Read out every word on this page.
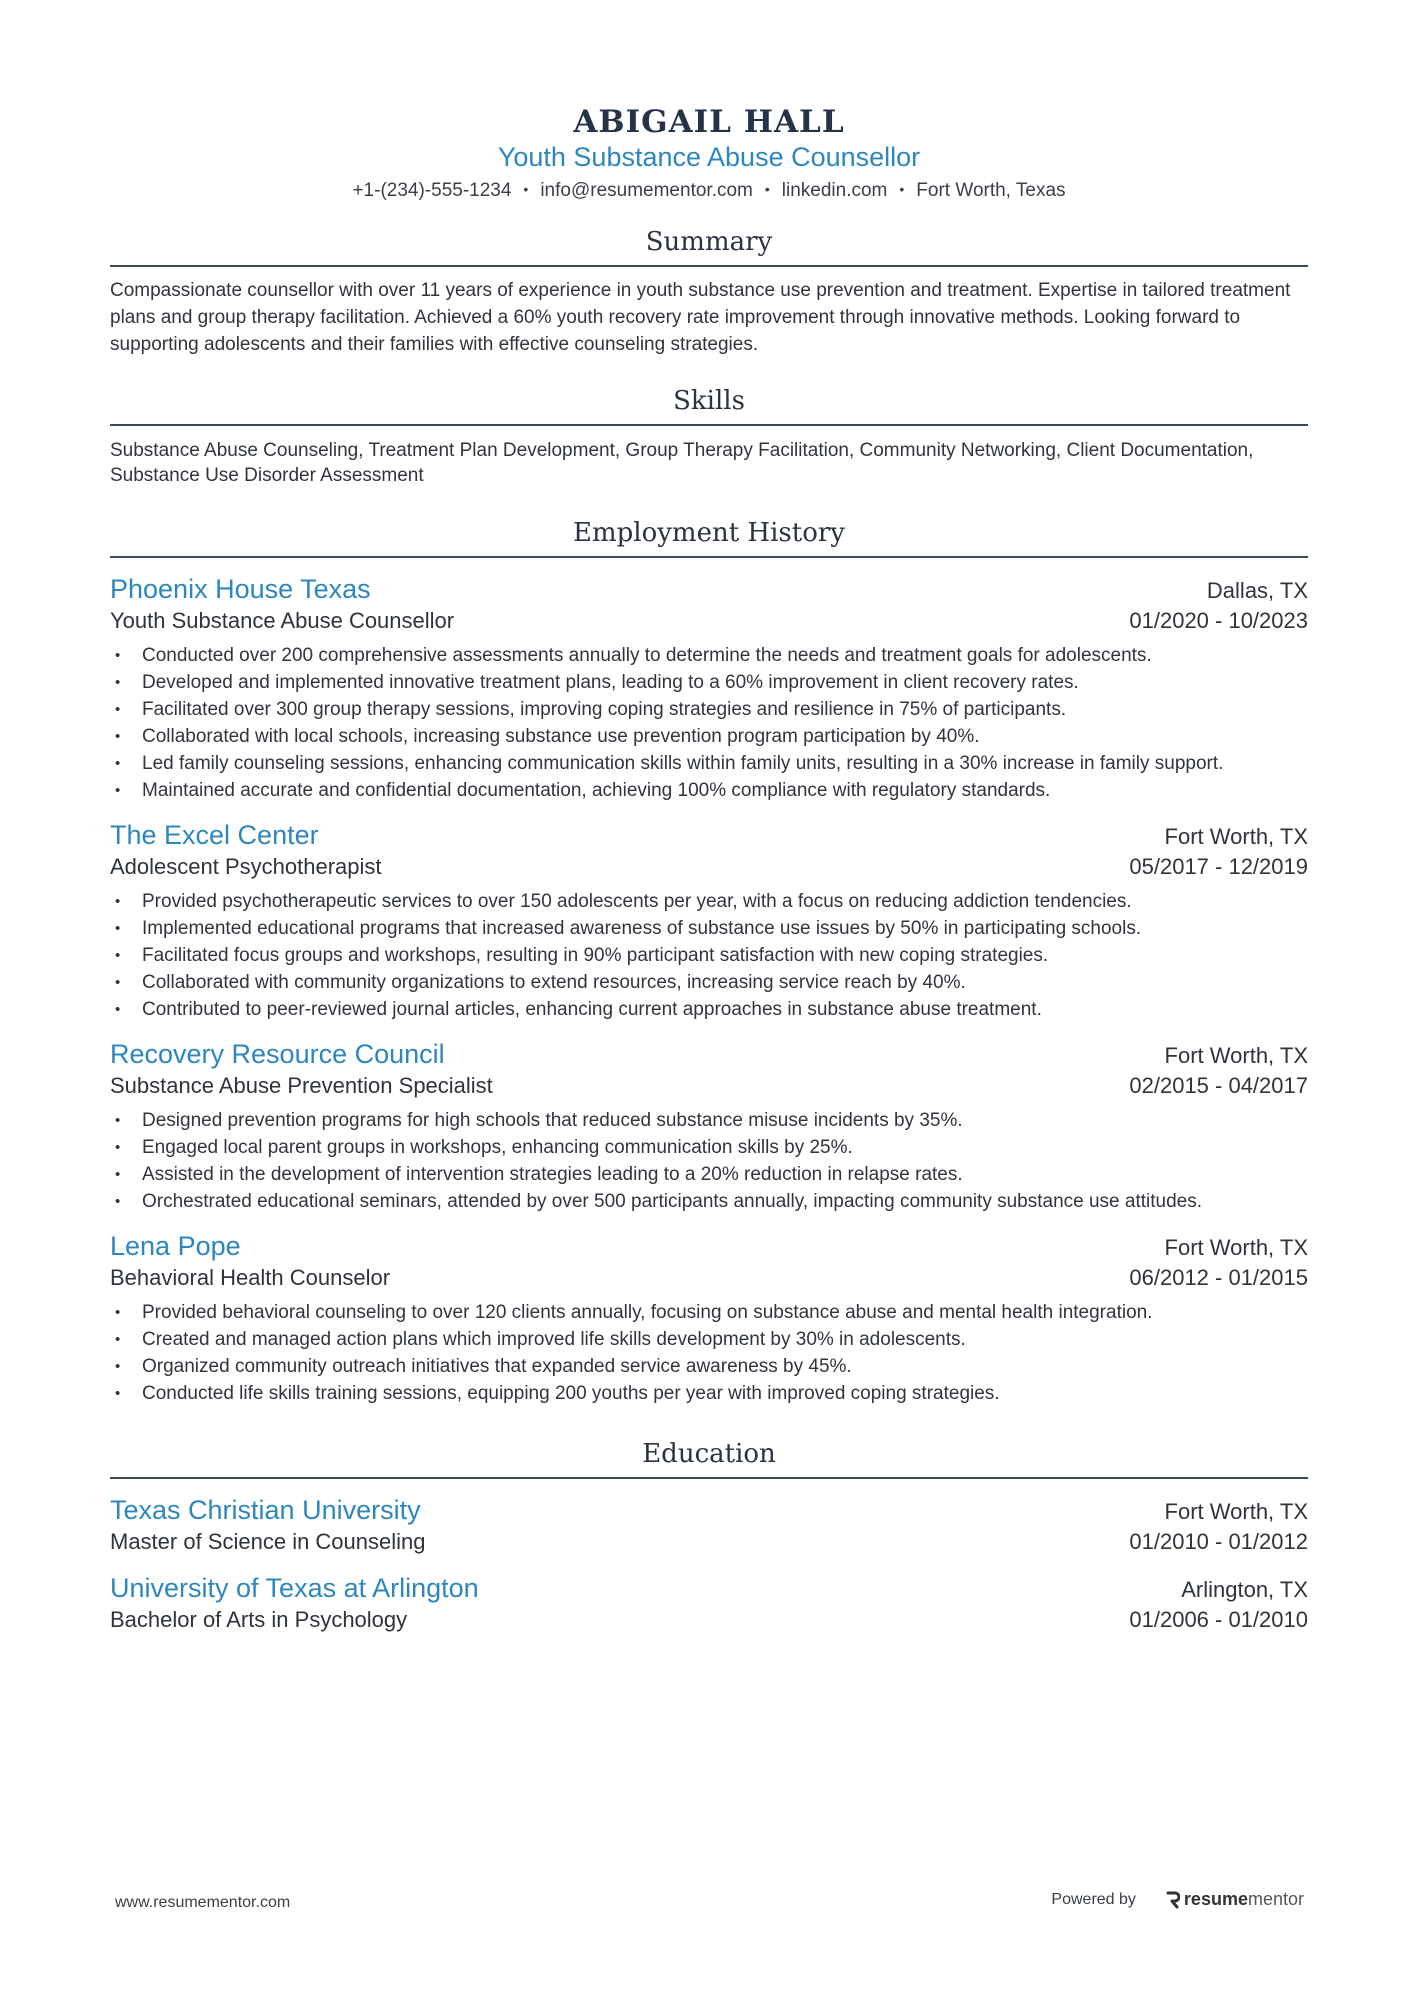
ABIGAIL HALL
Youth Substance Abuse Counsellor
+1-(234)-555-1234 • info@resumementor.com • linkedin.com • Fort Worth, Texas
Summary

Compassionate counsellor with over 11 years of experience in youth substance use prevention and treatment. Expertise in tailored treatment plans and group therapy facilitation. Achieved a 60% youth recovery rate improvement through innovative methods. Looking forward to supporting adolescents and their families with effective counseling strategies.

Skills

Substance Abuse Counseling, Treatment Plan Development, Group Therapy Facilitation, Community Networking, Client Documentation, Substance Use Disorder Assessment

Employment History
Phoenix House Texas	Dallas, TX
Youth Substance Abuse Counsellor	01/2020 - 10/2023
• Conducted over 200 comprehensive assessments annually to determine the needs and treatment goals for adolescents.
• Developed and implemented innovative treatment plans, leading to a 60% improvement in client recovery rates.
• Facilitated over 300 group therapy sessions, improving coping strategies and resilience in 75% of participants.
• Collaborated with local schools, increasing substance use prevention program participation by 40%.
• Led family counseling sessions, enhancing communication skills within family units, resulting in a 30% increase in family support.
• Maintained accurate and confidential documentation, achieving 100% compliance with regulatory standards.
The Excel Center	Fort Worth, TX
Adolescent Psychotherapist	05/2017 - 12/2019
• Provided psychotherapeutic services to over 150 adolescents per year, with a focus on reducing addiction tendencies.
• Implemented educational programs that increased awareness of substance use issues by 50% in participating schools.
• Facilitated focus groups and workshops, resulting in 90% participant satisfaction with new coping strategies.
• Collaborated with community organizations to extend resources, increasing service reach by 40%.
• Contributed to peer-reviewed journal articles, enhancing current approaches in substance abuse treatment.
Recovery Resource Council	Fort Worth, TX
Substance Abuse Prevention Specialist	02/2015 - 04/2017
• Designed prevention programs for high schools that reduced substance misuse incidents by 35%.
• Engaged local parent groups in workshops, enhancing communication skills by 25%.
• Assisted in the development of intervention strategies leading to a 20% reduction in relapse rates.
• Orchestrated educational seminars, attended by over 500 participants annually, impacting community substance use attitudes.
Lena Pope	Fort Worth, TX
Behavioral Health Counselor	06/2012 - 01/2015
• Provided behavioral counseling to over 120 clients annually, focusing on substance abuse and mental health integration.
• Created and managed action plans which improved life skills development by 30% in adolescents.
• Organized community outreach initiatives that expanded service awareness by 45%.
• Conducted life skills training sessions, equipping 200 youths per year with improved coping strategies.
Education
Texas Christian University	Fort Worth, TX
Master of Science in Counseling	01/2010 - 01/2012
University of Texas at Arlington	Arlington, TX
Bachelor of Arts in Psychology	01/2006 - 01/2010
www.resumementor.com	Powered by	resume mentor
